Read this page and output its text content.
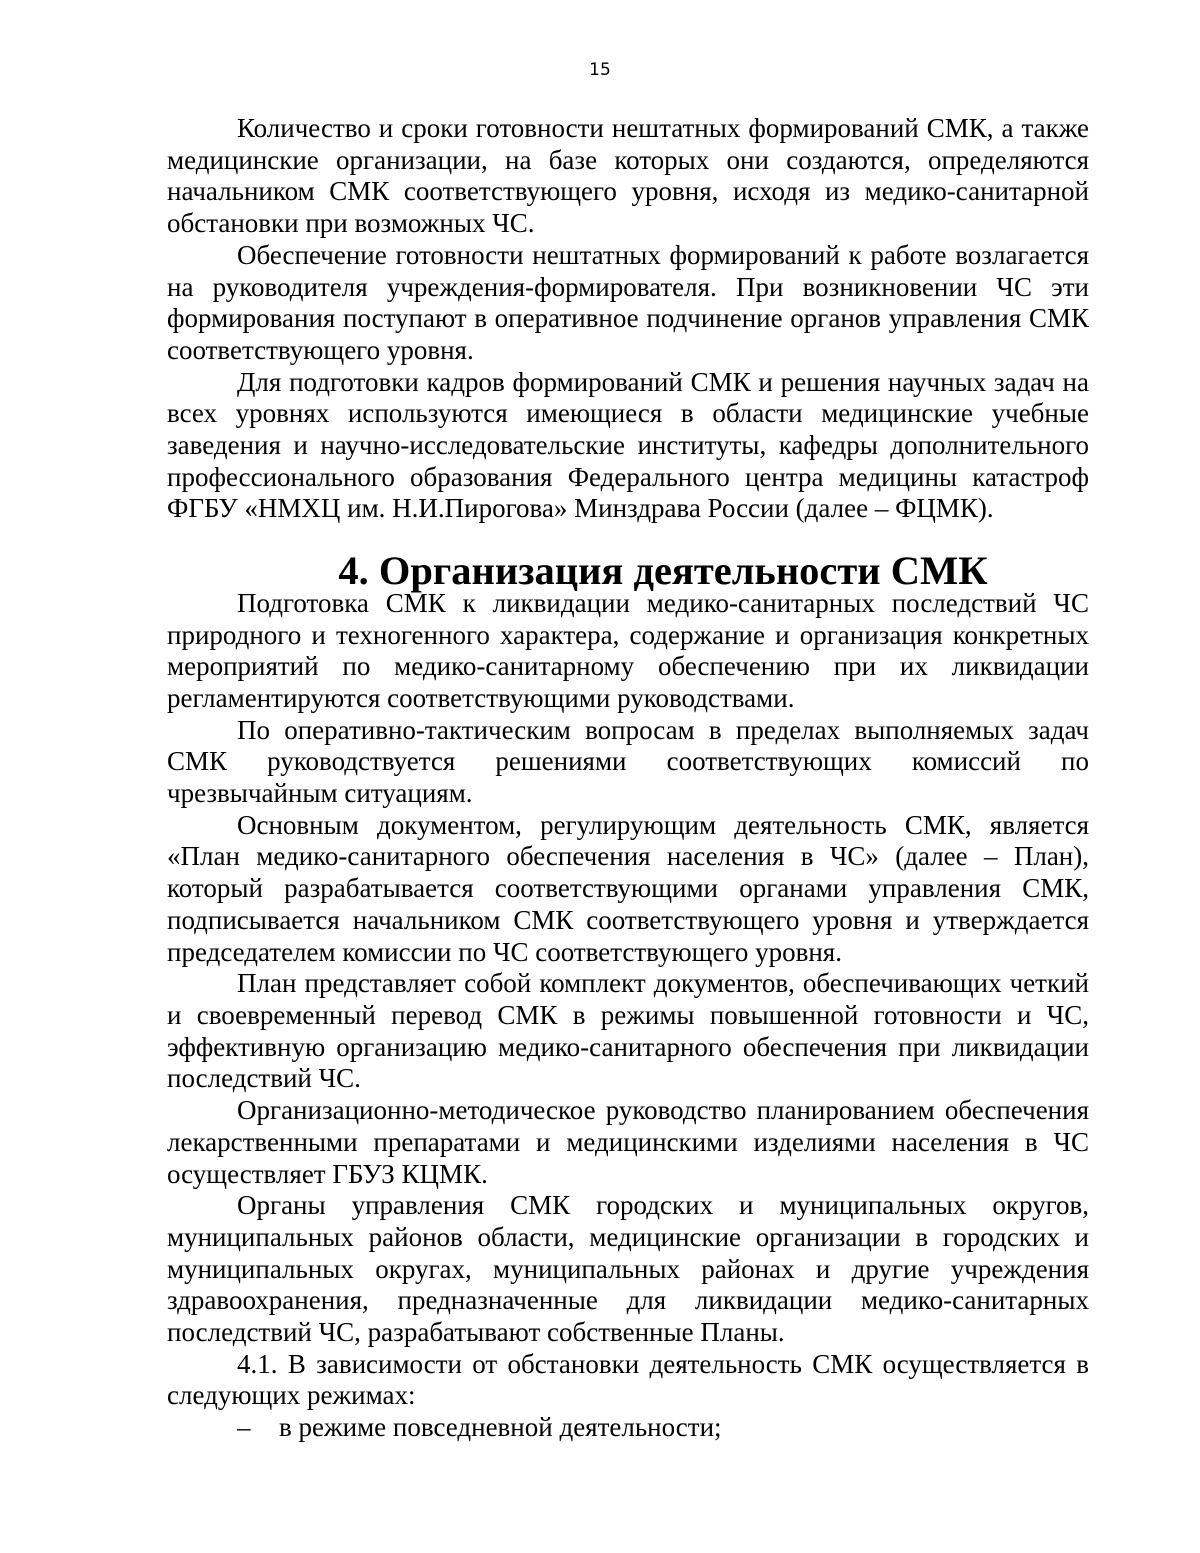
15

Количество и сроки готовности нештатных формирований СМК, а также медицинские организации, на базе которых они создаются, определяются начальником СМК соответствующего уровня, исходя из медико-санитарной обстановки при возможных ЧС.

Обеспечение готовности нештатных формирований к работе возлагается на руководителя учреждения-формирователя. При возникновении ЧС эти формирования поступают в оперативное подчинение органов управления СМК соответствующего уровня.

Для подготовки кадров формирований СМК и решения научных задач на всех уровнях используются имеющиеся в области медицинские учебные заведения и научно-исследовательские институты, кафедры дополнительного профессионального образования Федерального центра медицины катастроф ФГБУ «НМХЦ им. Н.И.Пирогова» Минздрава России (далее – ФЦМК).

4. Организация деятельности СМК

Подготовка СМК к ликвидации медико-санитарных последствий ЧС природного и техногенного характера, содержание и организация конкретных мероприятий по медико-санитарному обеспечению при их ликвидации регламентируются соответствующими руководствами.

По оперативно-тактическим вопросам в пределах выполняемых задач СМК руководствуется решениями соответствующих комиссий по чрезвычайным ситуациям.

Основным документом, регулирующим деятельность СМК, является «План медико-санитарного обеспечения населения в ЧС» (далее – План), который разрабатывается соответствующими органами управления СМК, подписывается начальником СМК соответствующего уровня и утверждается председателем комиссии по ЧС соответствующего уровня.

План представляет собой комплект документов, обеспечивающих четкий и своевременный перевод СМК в режимы повышенной готовности и ЧС, эффективную организацию медико-санитарного обеспечения при ликвидации последствий ЧС.

Организационно-методическое руководство планированием обеспечения лекарственными препаратами и медицинскими изделиями населения в ЧС осуществляет ГБУЗ КЦМК.

Органы управления СМК городских и муниципальных округов, муниципальных районов области, медицинские организации в городских и муниципальных округах, муниципальных районах и другие учреждения здравоохранения, предназначенные для ликвидации медико-санитарных последствий ЧС, разрабатывают собственные Планы.

4.1. В зависимости от обстановки деятельность СМК осуществляется в следующих режимах:

–	в режиме повседневной деятельности;
